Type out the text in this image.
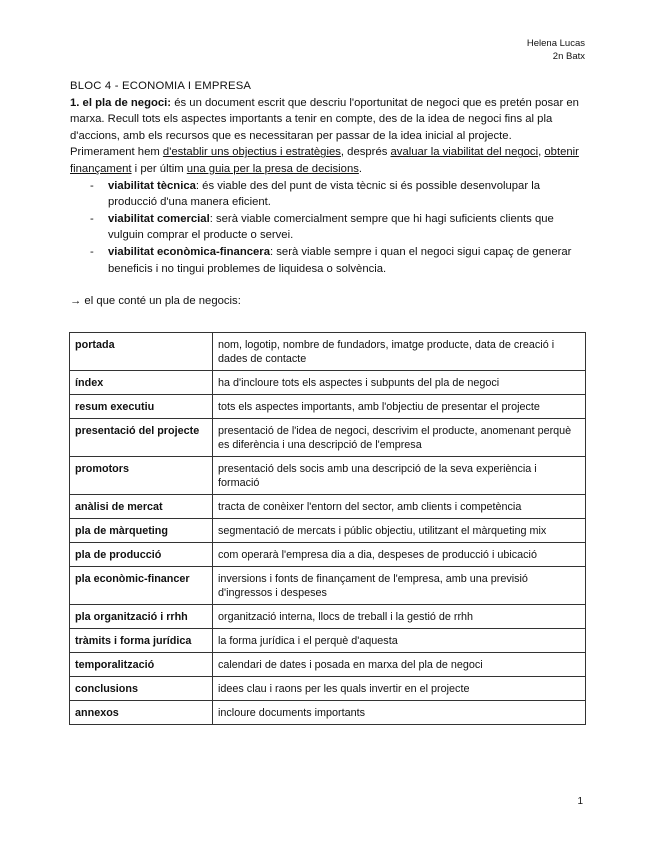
Helena Lucas
2n Batx
BLOC 4 - ECONOMIA I EMPRESA

1. el pla de negoci: és un document escrit que descriu l'oportunitat de negoci que es pretén posar en marxa. Recull tots els aspectes importants a tenir en compte, des de la idea de negoci fins al pla d'accions, amb els recursos que es necessitaran per passar de la idea inicial al projecte.

Primerament hem d'establir uns objectius i estratègies, després avaluar la viabilitat del negoci, obtenir finançament i per últim una guia per la presa de decisions.

- viabilitat tècnica: és viable des del punt de vista tècnic si és possible desenvolupar la producció d'una manera eficient.
- viabilitat comercial: serà viable comercialment sempre que hi hagi suficients clients que vulguin comprar el producte o servei.
- viabilitat econòmica-financera: serà viable sempre i quan el negoci sigui capaç de generar beneficis i no tingui problemes de liquidesa o solvència.
→ el que conté un pla de negocis:
portada	nom, logotip, nombre de fundadors, imatge producte, data de creació i dades de contacte
índex	ha d'incloure tots els aspectes i subpunts del pla de negoci
resum executiu	tots els aspectes importants, amb l'objectiu de presentar el projecte
presentació del projecte	presentació de l'idea de negoci, descrivim el producte, anomenant perquè es diferència i una descripció de l'empresa
promotors	presentació dels socis amb una descripció de la seva experiència i formació
anàlisi de mercat	tracta de conèixer l'entorn del sector, amb clients i competència
pla de màrqueting	segmentació de mercats i públic objectiu, utilitzant el màrqueting mix
pla de producció	com operarà l'empresa dia a dia, despeses de producció i ubicació
pla econòmic-financer	inversions i fonts de finançament de l'empresa, amb una previsió d'ingressos i despeses
pla organització i rrhh	organització interna, llocs de treball i la gestió de rrhh
tràmits i forma jurídica	la forma jurídica i el perquè d'aquesta
temporalització	calendari de dates i posada en marxa del pla de negoci
conclusions	idees clau i raons per les quals invertir en el projecte
annexos	incloure documents importants
1
